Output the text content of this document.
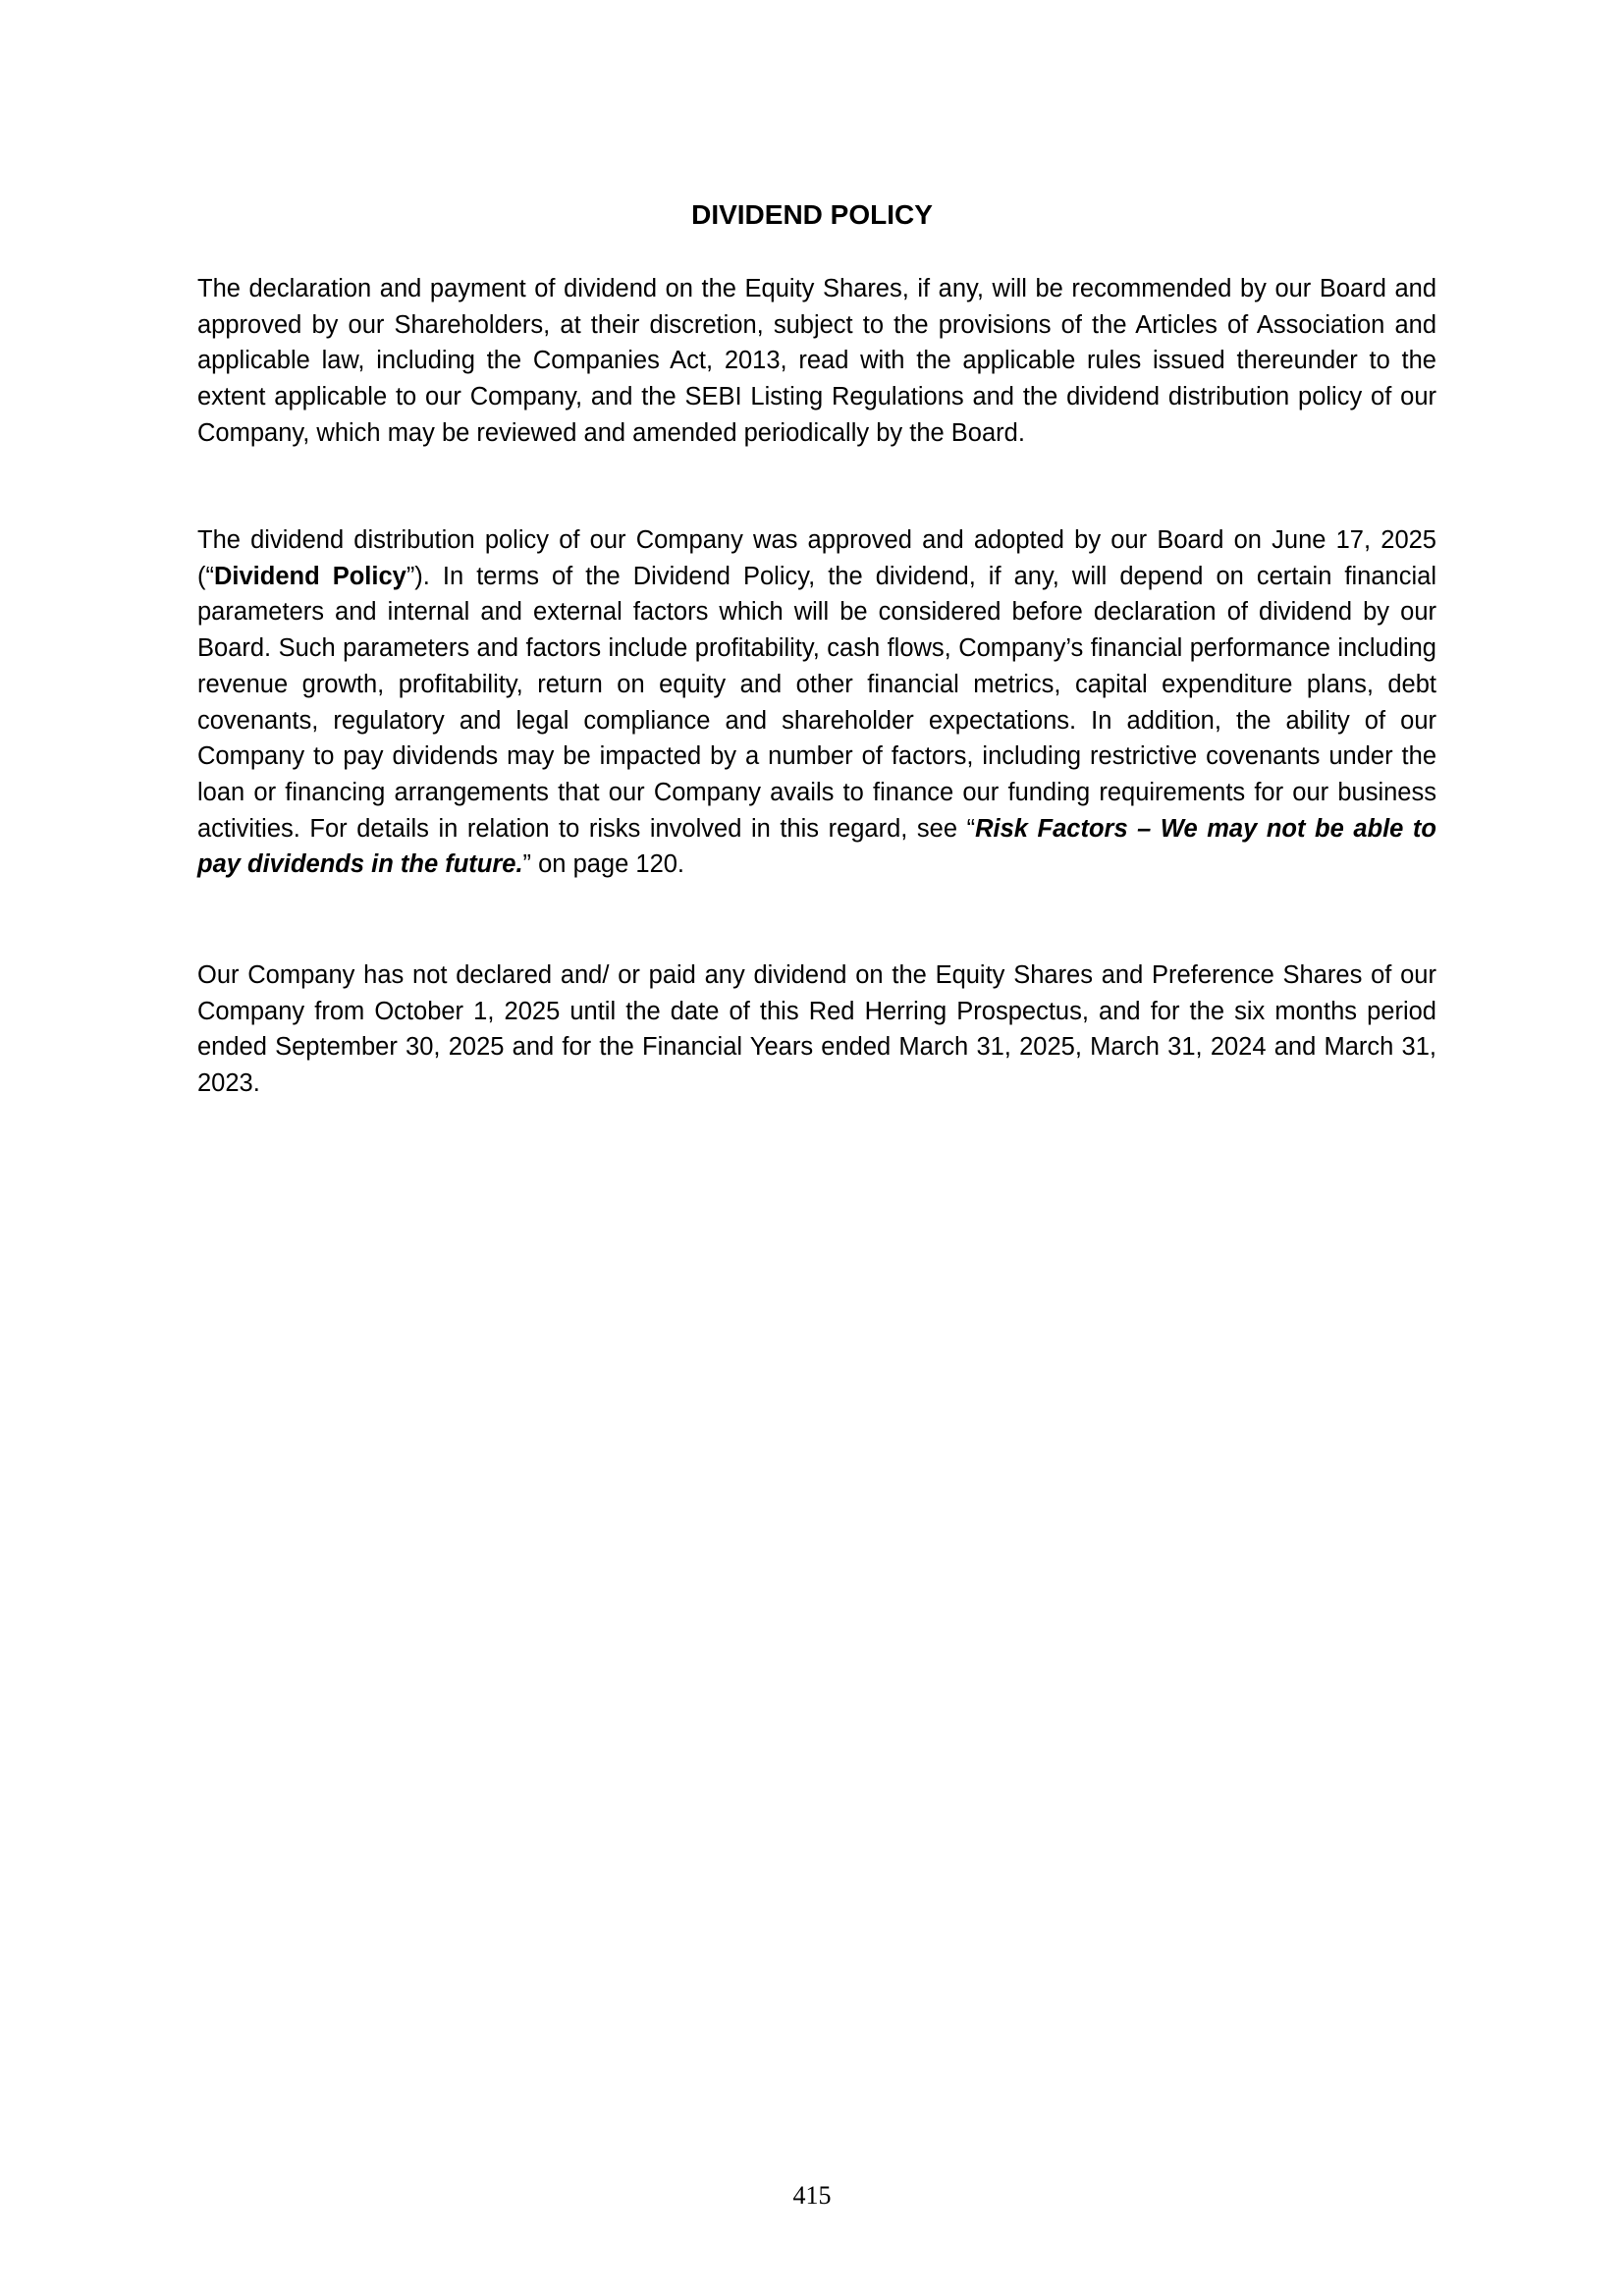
DIVIDEND POLICY

The declaration and payment of dividend on the Equity Shares, if any, will be recommended by our Board and approved by our Shareholders, at their discretion, subject to the provisions of the Articles of Association and applicable law, including the Companies Act, 2013, read with the applicable rules issued thereunder to the extent applicable to our Company, and the SEBI Listing Regulations and the dividend distribution policy of our Company, which may be reviewed and amended periodically by the Board.

The dividend distribution policy of our Company was approved and adopted by our Board on June 17, 2025 (“Dividend Policy”). In terms of the Dividend Policy, the dividend, if any, will depend on certain financial parameters and internal and external factors which will be considered before declaration of dividend by our Board. Such parameters and factors include profitability, cash flows, Company’s financial performance including revenue growth, profitability, return on equity and other financial metrics, capital expenditure plans, debt covenants, regulatory and legal compliance and shareholder expectations. In addition, the ability of our Company to pay dividends may be impacted by a number of factors, including restrictive covenants under the loan or financing arrangements that our Company avails to finance our funding requirements for our business activities. For details in relation to risks involved in this regard, see “Risk Factors – We may not be able to pay dividends in the future.” on page 120.

Our Company has not declared and/ or paid any dividend on the Equity Shares and Preference Shares of our Company from October 1, 2025 until the date of this Red Herring Prospectus, and for the six months period ended September 30, 2025 and for the Financial Years ended March 31, 2025, March 31, 2024 and March 31, 2023.

415
